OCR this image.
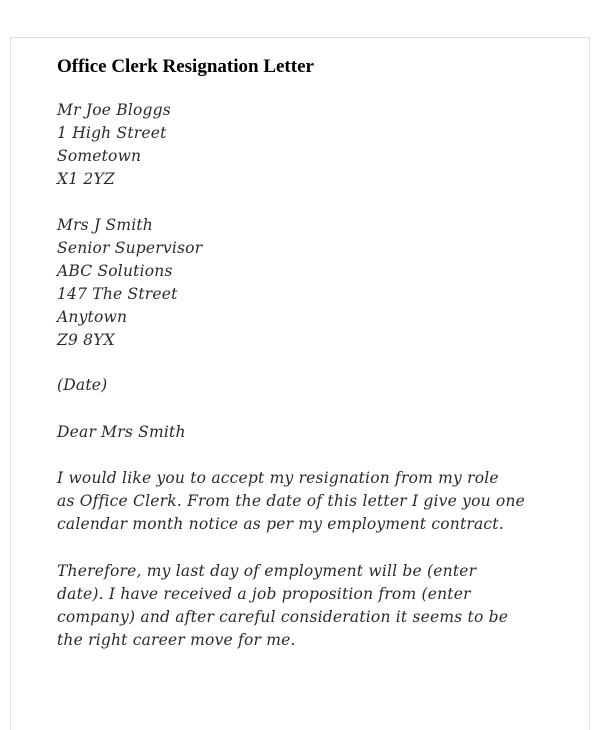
Office Clerk Resignation Letter
Mr Joe Bloggs
1 High Street
Sometown
X1 2YZ
Mrs J Smith
Senior Supervisor
ABC Solutions
147 The Street
Anytown
Z9 8YX
(Date)
Dear Mrs Smith
I would like you to accept my resignation from my role
as Office Clerk. From the date of this letter I give you one
calendar month notice as per my employment contract.
Therefore, my last day of employment will be (enter
date). I have received a job proposition from (enter
company) and after careful consideration it seems to be
the right career move for me.
